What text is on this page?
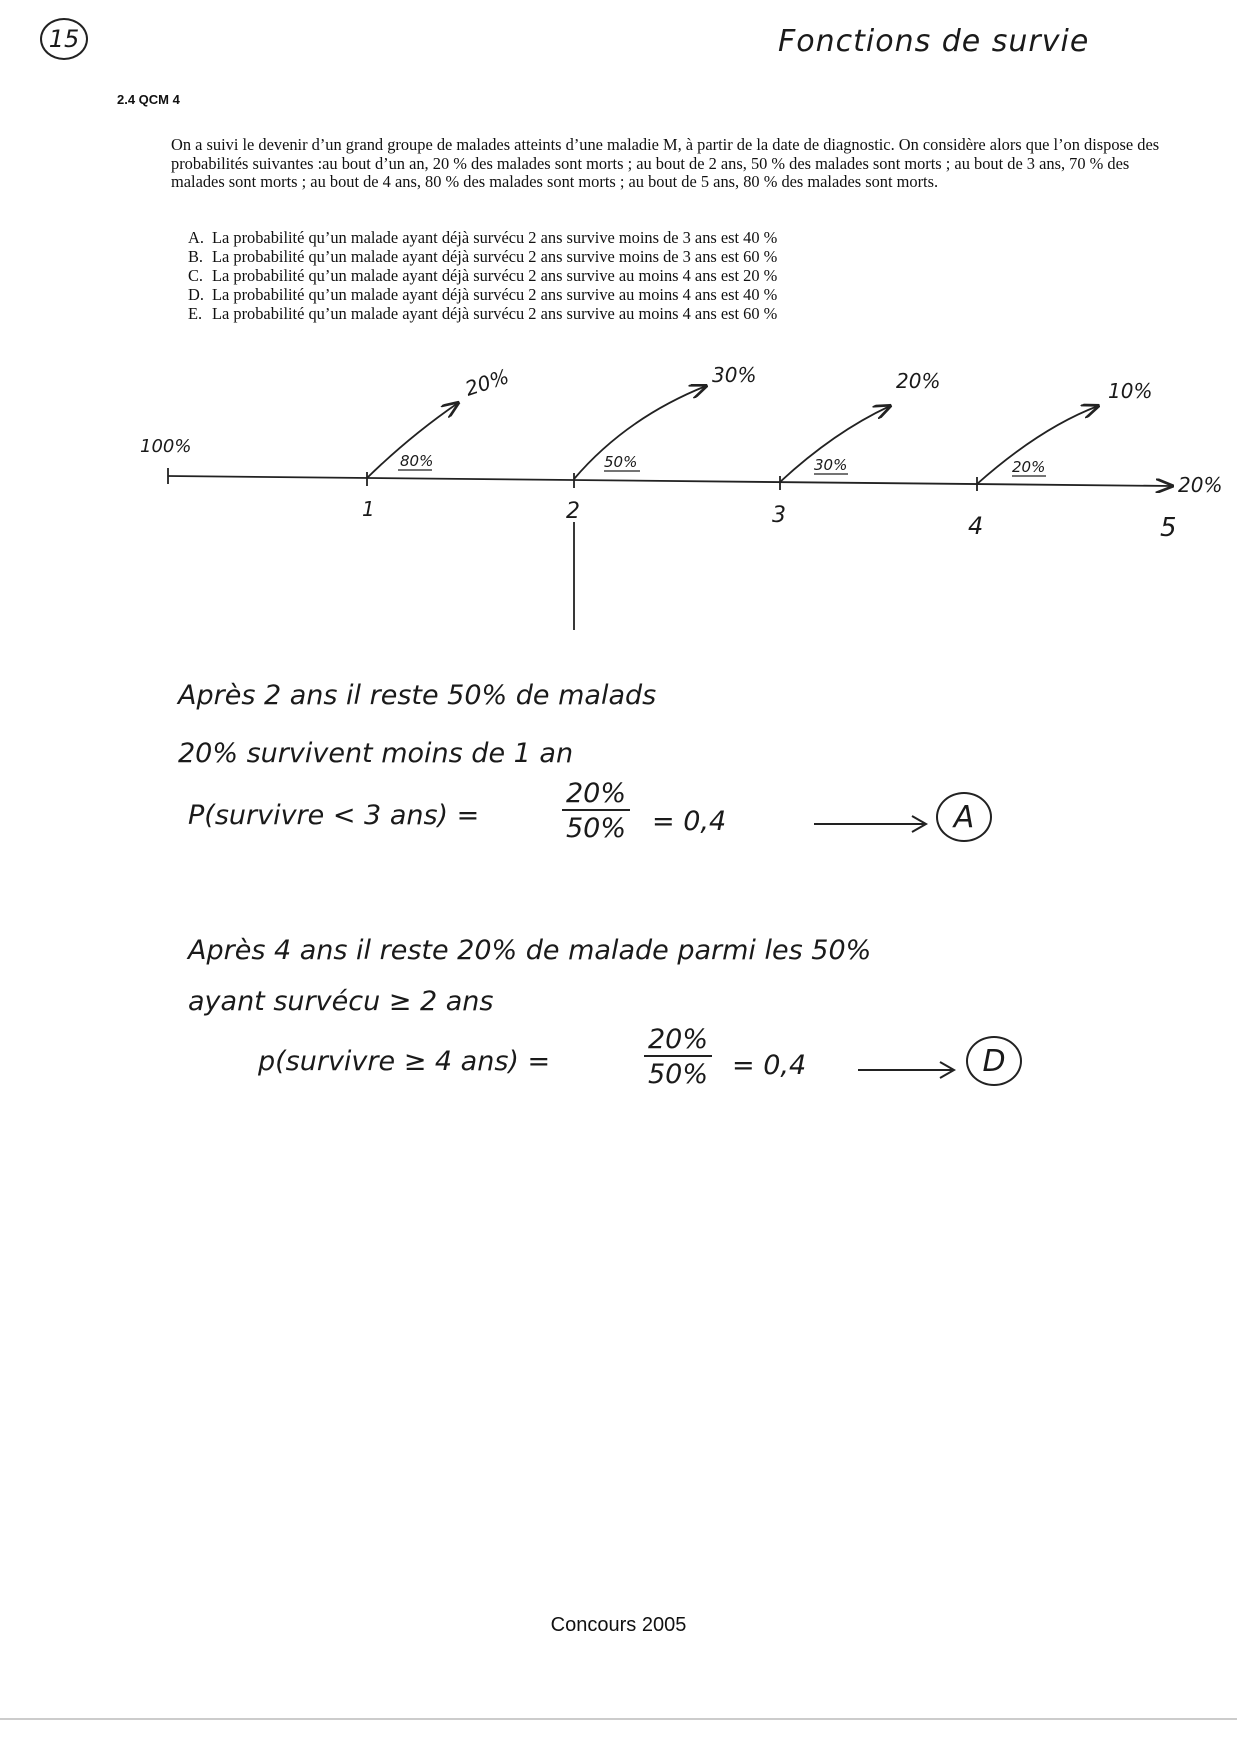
15	Fonctions de survie
2.4 QCM 4

On a suivi le devenir d’un grand groupe de malades atteints d’une maladie M, à partir de la date de diagnostic. On considère alors que l’on dispose des probabilités suivantes :au bout d’un an, 20 % des malades sont morts ; au bout de 2 ans, 50 % des malades sont morts ; au bout de 3 ans, 70 % des malades sont morts ; au bout de 4 ans, 80 % des malades sont morts ; au bout de 5 ans, 80 % des malades sont morts.

A. La probabilité qu’un malade ayant déjà survécu 2 ans survive moins de 3 ans est 40 %
B. La probabilité qu’un malade ayant déjà survécu 2 ans survive moins de 3 ans est 60 %
C. La probabilité qu’un malade ayant déjà survécu 2 ans survive au moins 4 ans est 20 %
D. La probabilité qu’un malade ayant déjà survécu 2 ans survive au moins 4 ans est 40 %
E. La probabilité qu’un malade ayant déjà survécu 2 ans survive au moins 4 ans est 60 %
100%
20%
1	2	3	4	5
80%	50%	30%	20%
20%	30%	20%	10%
Après 2 ans il reste 50% de malads
20% survivent moins de 1 an
P(survivre < 3 ans) =	$\frac{20\%}{50\%} = 0,4$	A
Après 4 ans il reste 20% de malade parmi les 50%
ayant survécu ≥ 2 ans
p(survivre ≥ 4 ans) =	$\frac{20\%}{50\%} = 0,4$	D
Concours 2005
